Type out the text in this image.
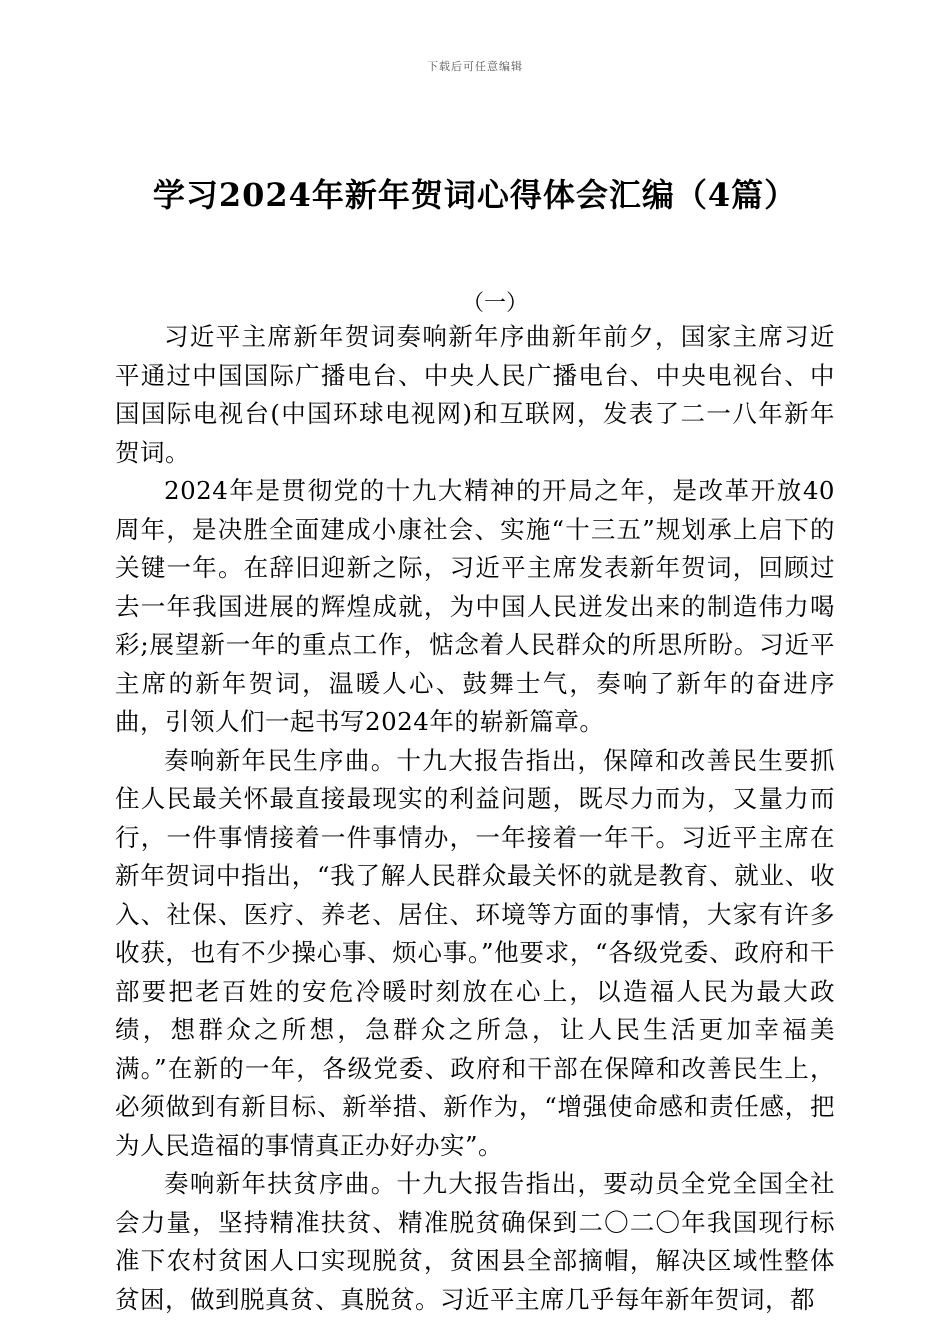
下载后可任意编辑
学习2024年新年贺词心得体会汇编（4篇）
（一）

习近平主席新年贺词奏响新年序曲新年前夕，国家主席习近平通过中国国际广播电台、中央人民广播电台、中央电视台、中国国际电视台(中国环球电视网)和互联网，发表了二一八年新年贺词。

2024年是贯彻党的十九大精神的开局之年，是改革开放40周年，是决胜全面建成小康社会、实施“十三五”规划承上启下的关键一年。在辞旧迎新之际，习近平主席发表新年贺词，回顾过去一年我国进展的辉煌成就，为中国人民迸发出来的制造伟力喝彩;展望新一年的重点工作，惦念着人民群众的所思所盼。习近平主席的新年贺词，温暖人心、鼓舞士气，奏响了新年的奋进序曲，引领人们一起书写2024年的崭新篇章。

奏响新年民生序曲。十九大报告指出，保障和改善民生要抓住人民最关怀最直接最现实的利益问题，既尽力而为，又量力而行，一件事情接着一件事情办，一年接着一年干。习近平主席在新年贺词中指出，“我了解人民群众最关怀的就是教育、就业、收入、社保、医疗、养老、居住、环境等方面的事情，大家有许多收获，也有不少操心事、烦心事。”他要求，“各级党委、政府和干部要把老百姓的安危冷暖时刻放在心上，以造福人民为最大政绩，想群众之所想，急群众之所急，让人民生活更加幸福美满。”在新的一年，各级党委、政府和干部在保障和改善民生上，必须做到有新目标、新举措、新作为，“增强使命感和责任感，把为人民造福的事情真正办好办实”。

奏响新年扶贫序曲。十九大报告指出，要动员全党全国全社会力量，坚持精准扶贫、精准脱贫确保到二〇二〇年我国现行标准下农村贫困人口实现脱贫，贫困县全部摘帽，解决区域性整体贫困，做到脱真贫、真脱贫。习近平主席几乎每年新年贺词，都
